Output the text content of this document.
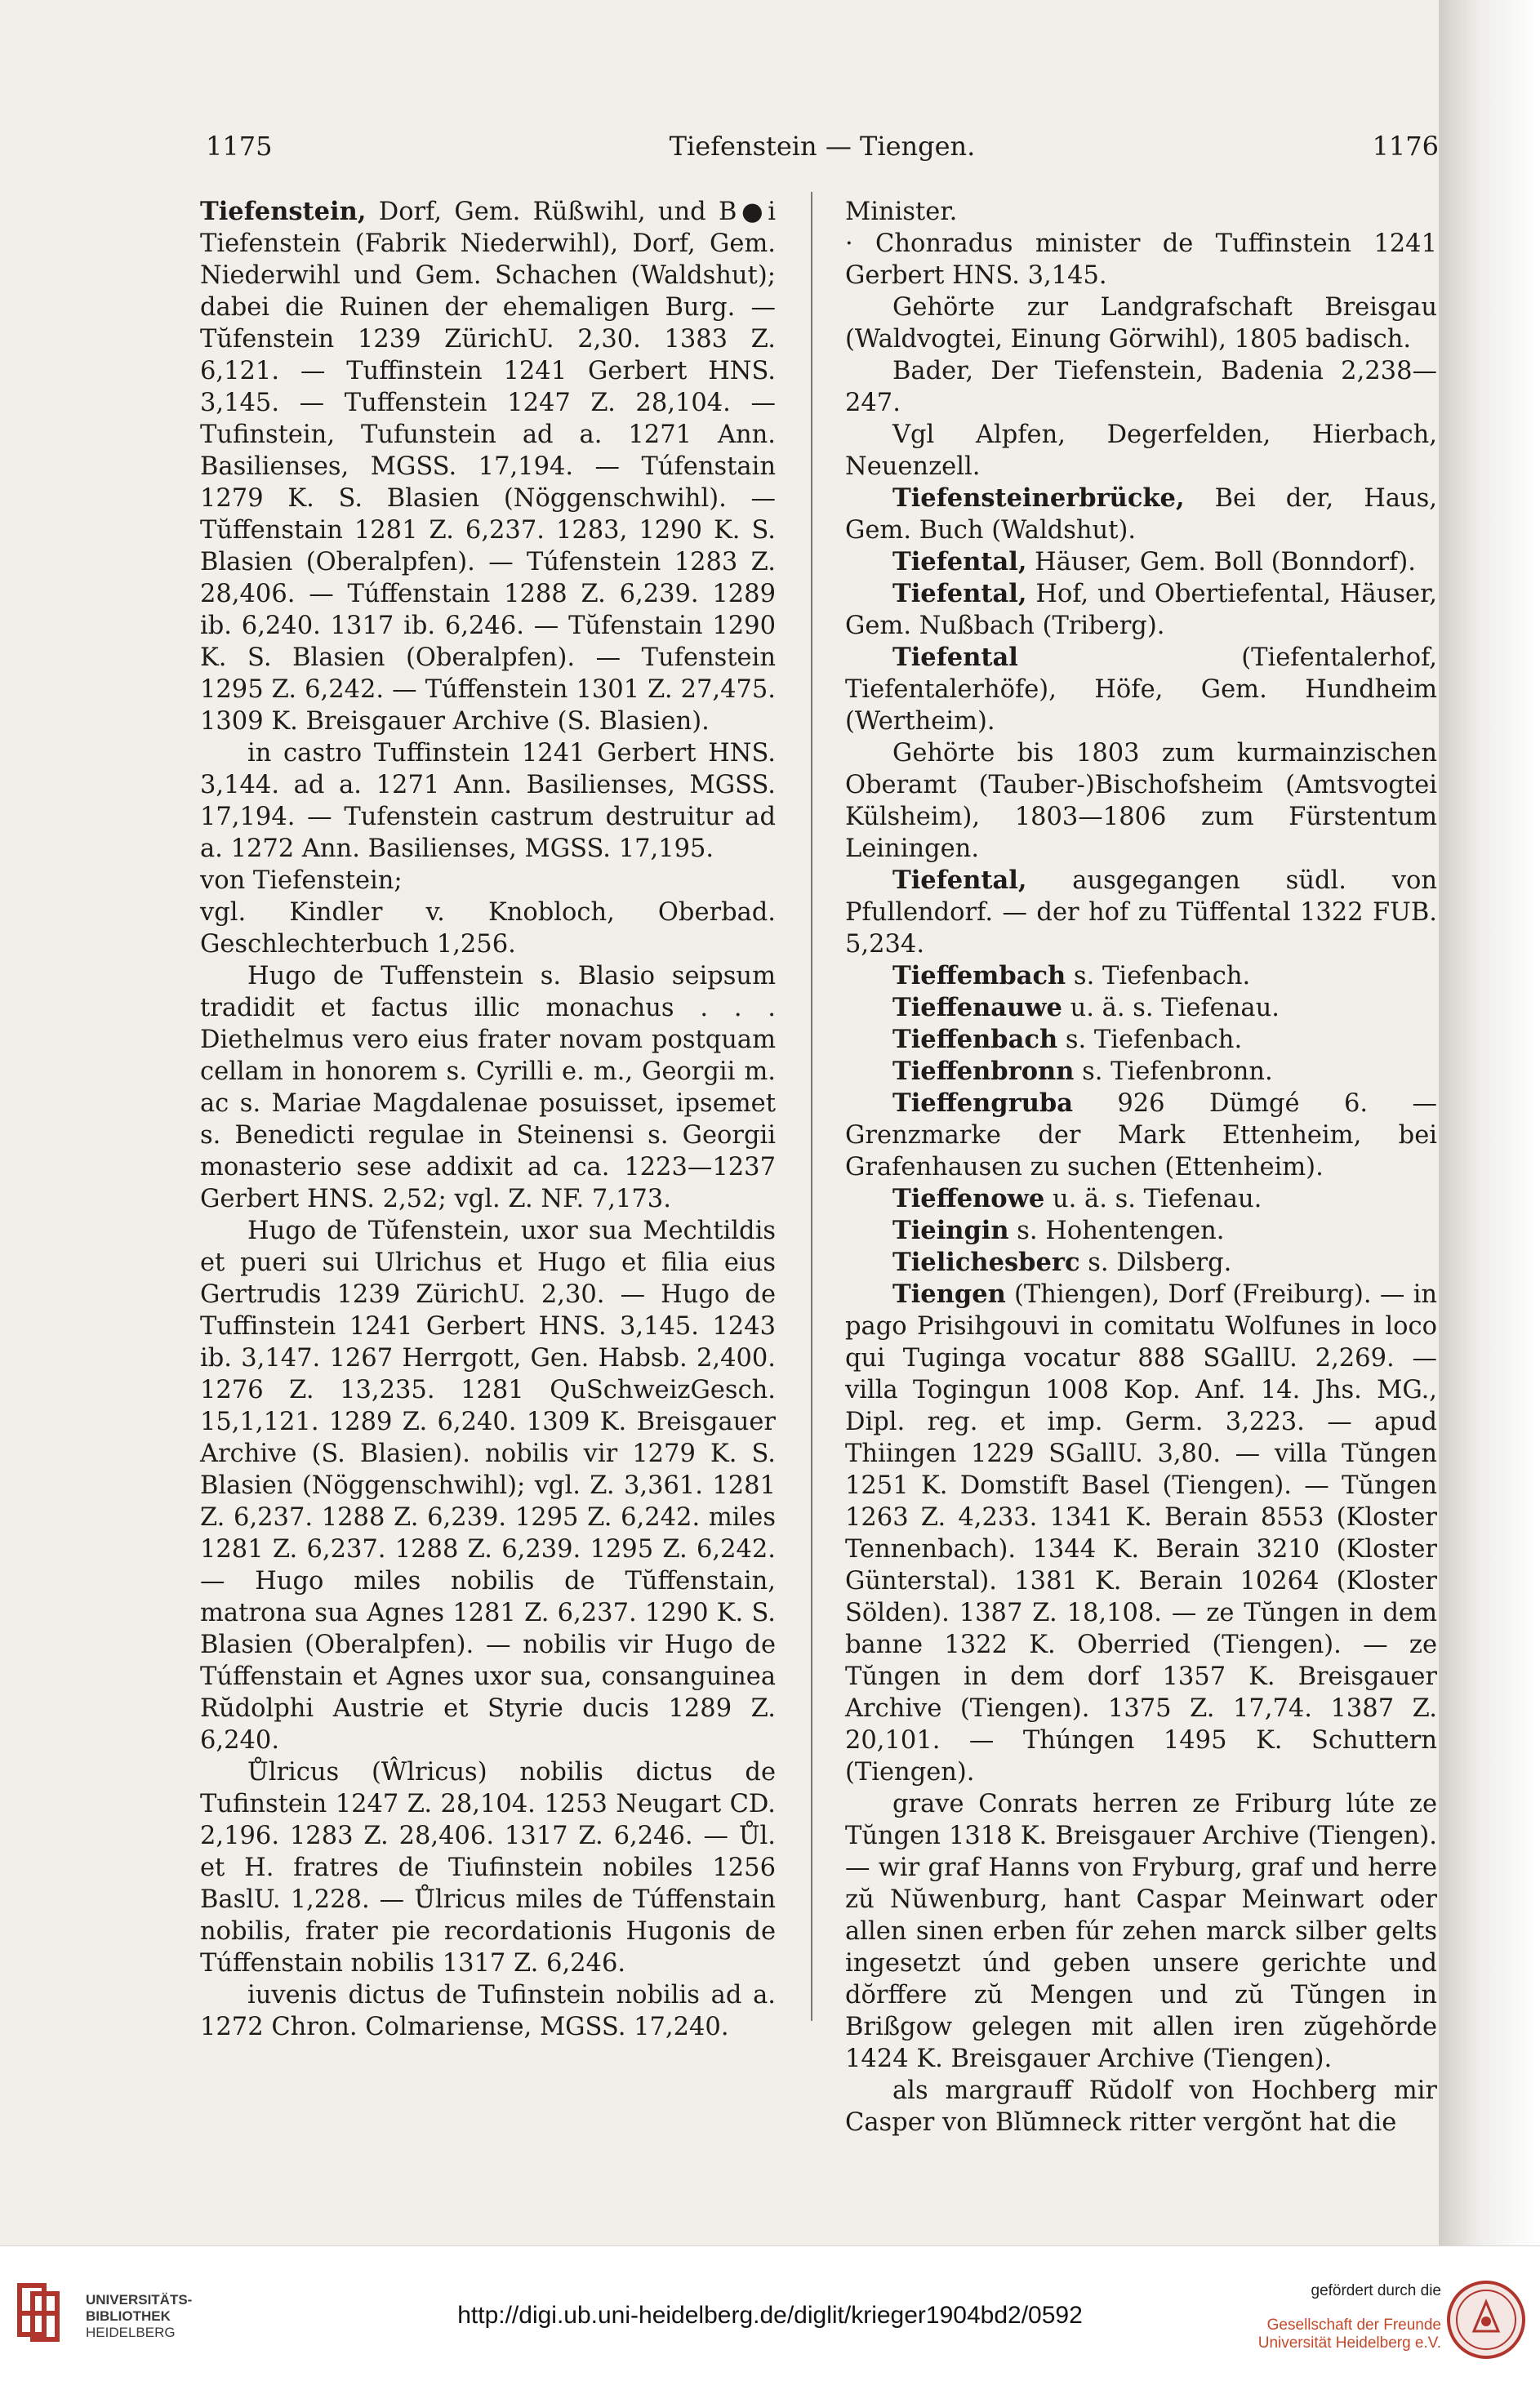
1175	Tiefenstein — Tiengen.	1176

Tiefenstein, Dorf, Gem. Rüßwihl, und B●i Tiefenstein (Fabrik Niederwihl), Dorf, Gem. Niederwihl und Gem. Schachen (Waldshut); dabei die Ruinen der ehemaligen Burg. — Tŭfenstein 1239 ZürichU. 2,30. 1383 Z. 6,121. — Tuffinstein 1241 Gerbert HNS. 3,145. — Tuffenstein 1247 Z. 28,104. — Tufinstein, Tufunstein ad a. 1271 Ann. Basilienses, MGSS. 17,194. — Túfenstain 1279 K. S. Blasien (Nöggenschwihl). — Tŭffenstain 1281 Z. 6,237. 1283, 1290 K. S. Blasien (Oberalpfen). — Túfenstein 1283 Z. 28,406. — Túffenstain 1288 Z. 6,239. 1289 ib. 6,240. 1317 ib. 6,246. — Tŭfenstain 1290 K. S. Blasien (Oberalpfen). — Tufenstein 1295 Z. 6,242. — Túffenstein 1301 Z. 27,475. 1309 K. Breisgauer Archive (S. Blasien).

in castro Tuffinstein 1241 Gerbert HNS. 3,144. ad a. 1271 Ann. Basilienses, MGSS. 17,194. — Tufenstein castrum destruitur ad a. 1272 Ann. Basilienses, MGSS. 17,195.

von Tiefenstein;

vgl. Kindler v. Knobloch, Oberbad. Geschlechterbuch 1,256.

Hugo de Tuffenstein s. Blasio seipsum tradidit et factus illic monachus . . . Diethelmus vero eius frater novam postquam cellam in honorem s. Cyrilli e. m., Georgii m. ac s. Mariae Magdalenae posuisset, ipsemet s. Benedicti regulae in Steinensi s. Georgii monasterio sese addixit ad ca. 1223—1237 Gerbert HNS. 2,52; vgl. Z. NF. 7,173.

Hugo de Tŭfenstein, uxor sua Mechtildis et pueri sui Ulrichus et Hugo et filia eius Gertrudis 1239 ZürichU. 2,30. — Hugo de Tuffinstein 1241 Gerbert HNS. 3,145. 1243 ib. 3,147. 1267 Herrgott, Gen. Habsb. 2,400. 1276 Z. 13,235. 1281 QuSchweizGesch. 15,1,121. 1289 Z. 6,240. 1309 K. Breisgauer Archive (S. Blasien). nobilis vir 1279 K. S. Blasien (Nöggenschwihl); vgl. Z. 3,361. 1281 Z. 6,237. 1288 Z. 6,239. 1295 Z. 6,242. miles 1281 Z. 6,237. 1288 Z. 6,239. 1295 Z. 6,242. — Hugo miles nobilis de Tŭffenstain, matrona sua Agnes 1281 Z. 6,237. 1290 K. S. Blasien (Oberalpfen). — nobilis vir Hugo de Túffenstain et Agnes uxor sua, consanguinea Rŭdolphi Austrie et Styrie ducis 1289 Z. 6,240.

Ůlricus (Ŵlricus) nobilis dictus de Tufinstein 1247 Z. 28,104. 1253 Neugart CD. 2,196. 1283 Z. 28,406. 1317 Z. 6,246. — Ůl. et H. fratres de Tiufinstein nobiles 1256 BaslU. 1,228. — Ůlricus miles de Túffenstain nobilis, frater pie recordationis Hugonis de Túffenstain nobilis 1317 Z. 6,246.

iuvenis dictus de Tufinstein nobilis ad a. 1272 Chron. Colmariense, MGSS. 17,240.

Minister.

· Chonradus minister de Tuffinstein 1241 Gerbert HNS. 3,145.

Gehörte zur Landgrafschaft Breisgau (Waldvogtei, Einung Görwihl), 1805 badisch.

Bader, Der Tiefenstein, Badenia 2,238—247.

Vgl Alpfen, Degerfelden, Hierbach, Neuenzell.

Tiefensteinerbrücke, Bei der, Haus, Gem. Buch (Waldshut).

Tiefental, Häuser, Gem. Boll (Bonndorf).

Tiefental, Hof, und Obertiefental, Häuser, Gem. Nußbach (Triberg).

Tiefental (Tiefentalerhof, Tiefentalerhöfe), Höfe, Gem. Hundheim (Wertheim).

Gehörte bis 1803 zum kurmainzischen Oberamt (Tauber-)Bischofsheim (Amtsvogtei Külsheim), 1803—1806 zum Fürstentum Leiningen.

Tiefental, ausgegangen südl. von Pfullendorf. — der hof zu Tüffental 1322 FUB. 5,234.

Tieffembach s. Tiefenbach.

Tieffenauwe u. ä. s. Tiefenau.

Tieffenbach s. Tiefenbach.

Tieffenbronn s. Tiefenbronn.

Tieffengruba 926 Dümgé 6. — Grenzmarke der Mark Ettenheim, bei Grafenhausen zu suchen (Ettenheim).

Tieffenowe u. ä. s. Tiefenau.

Tieingin s. Hohentengen.

Tielichesberc s. Dilsberg.

Tiengen (Thiengen), Dorf (Freiburg). — in pago Prisihgouvi in comitatu Wolfunes in loco qui Tuginga vocatur 888 SGallU. 2,269. — villa Togingun 1008 Kop. Anf. 14. Jhs. MG., Dipl. reg. et imp. Germ. 3,223. — apud Thiingen 1229 SGallU. 3,80. — villa Tŭngen 1251 K. Domstift Basel (Tiengen). — Tŭngen 1263 Z. 4,233. 1341 K. Berain 8553 (Kloster Tennenbach). 1344 K. Berain 3210 (Kloster Günterstal). 1381 K. Berain 10264 (Kloster Sölden). 1387 Z. 18,108. — ze Tŭngen in dem banne 1322 K. Oberried (Tiengen). — ze Tŭngen in dem dorf 1357 K. Breisgauer Archive (Tiengen). 1375 Z. 17,74. 1387 Z. 20,101. — Thúngen 1495 K. Schuttern (Tiengen).

grave Conrats herren ze Friburg lúte ze Tŭngen 1318 K. Breisgauer Archive (Tiengen). — wir graf Hanns von Fryburg, graf und herre zŭ Nŭwenburg, hant Caspar Meinwart oder allen sinen erben fúr zehen marck silber gelts ingesetzt únd geben unsere gerichte und dŏrffere zŭ Mengen und zŭ Tŭngen in Brißgow gelegen mit allen iren zŭgehŏrde 1424 K. Breisgauer Archive (Tiengen).

als margrauff Rŭdolf von Hochberg mir Casper von Blŭmneck ritter vergŏnt hat die

UNIVERSITÄTS-
BIBLIOTHEK
HEIDELBERG
http://digi.ub.uni-heidelberg.de/diglit/krieger1904bd2/0592
gefördert durch die
Gesellschaft der Freunde
Universität Heidelberg e.V.
